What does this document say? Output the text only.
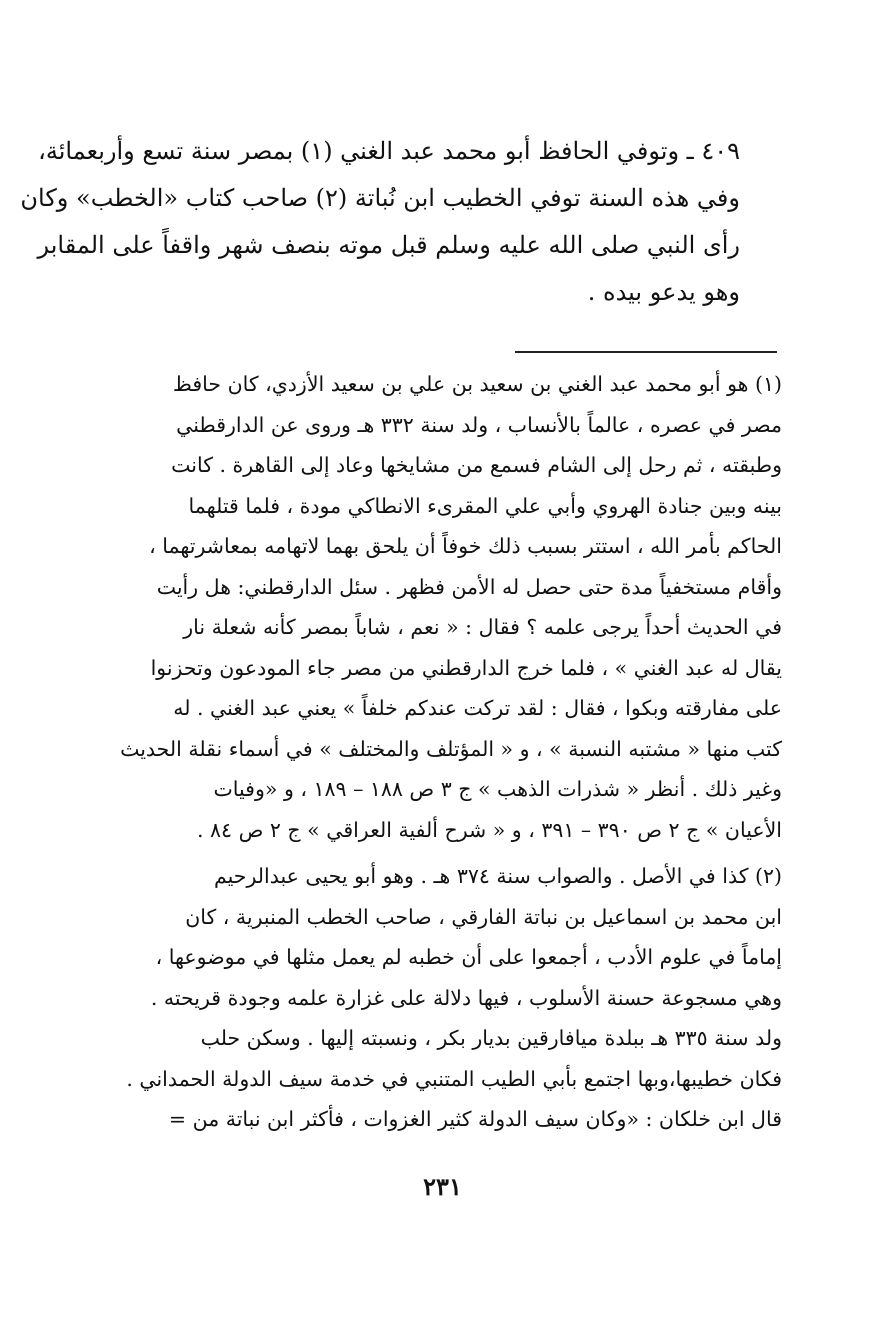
٤٠٩ ـ وتوفي الحافظ أبو محمد عبد الغني (١) بمصر سنة تسع وأربعمائة،
وفي هذه السنة توفي الخطيب ابن نُباتة (٢) صاحب كتاب «الخطب» وكان
رأى النبي صلى الله عليه وسلم قبل موته بنصف شهر واقفاً على المقابر
وهو يدعو بيده .
(١) هو أبو محمد عبد الغني بن سعيد بن علي بن سعيد الأزدي، كان حافظ
مصر في عصره ، عالماً بالأنساب ، ولد سنة ٣٣٢ هـ وروى عن الدارقطني
وطبقته ، ثم رحل إلى الشام فسمع من مشايخها وعاد إلى القاهرة . كانت
بينه وبين جنادة الهروي وأبي علي المقرىء الانطاكي مودة ، فلما قتلهما
الحاكم بأمر الله ، استتر بسبب ذلك خوفاً أن يلحق بهما لاتهامه بمعاشرتهما ،
وأقام مستخفياً مدة حتى حصل له الأمن فظهر . سئل الدارقطني: هل رأيت
في الحديث أحداً يرجى علمه ؟ فقال : « نعم ، شاباً بمصر كأنه شعلة نار
يقال له عبد الغني » ، فلما خرج الدارقطني من مصر جاء المودعون وتحزنوا
على مفارقته وبكوا ، فقال : لقد تركت عندكم خلفاً » يعني عبد الغني . له
كتب منها « مشتبه النسبة » ، و « المؤتلف والمختلف » في أسماء نقلة الحديث
وغير ذلك . أنظر « شذرات الذهب » ج ٣ ص ١٨٨ – ١٨٩ ، و «وفيات
الأعيان » ج ٢ ص ٣٩٠ – ٣٩١ ، و « شرح ألفية العراقي » ج ٢ ص ٨٤ .
(٢) كذا في الأصل . والصواب سنة ٣٧٤ هـ . وهو أبو يحيى عبدالرحيم
ابن محمد بن اسماعيل بن نباتة الفارقي ، صاحب الخطب المنبرية ، كان
إماماً في علوم الأدب ، أجمعوا على أن خطبه لم يعمل مثلها في موضوعها ،
وهي مسجوعة حسنة الأسلوب ، فيها دلالة على غزارة علمه وجودة قريحته .
ولد سنة ٣٣٥ هـ ببلدة ميافارقين بديار بكر ، ونسبته إليها . وسكن حلب
فكان خطيبها،وبها اجتمع بأبي الطيب المتنبي في خدمة سيف الدولة الحمداني .
قال ابن خلكان : «وكان سيف الدولة كثير الغزوات ، فأكثر ابن نباتة من =
٢٣١
